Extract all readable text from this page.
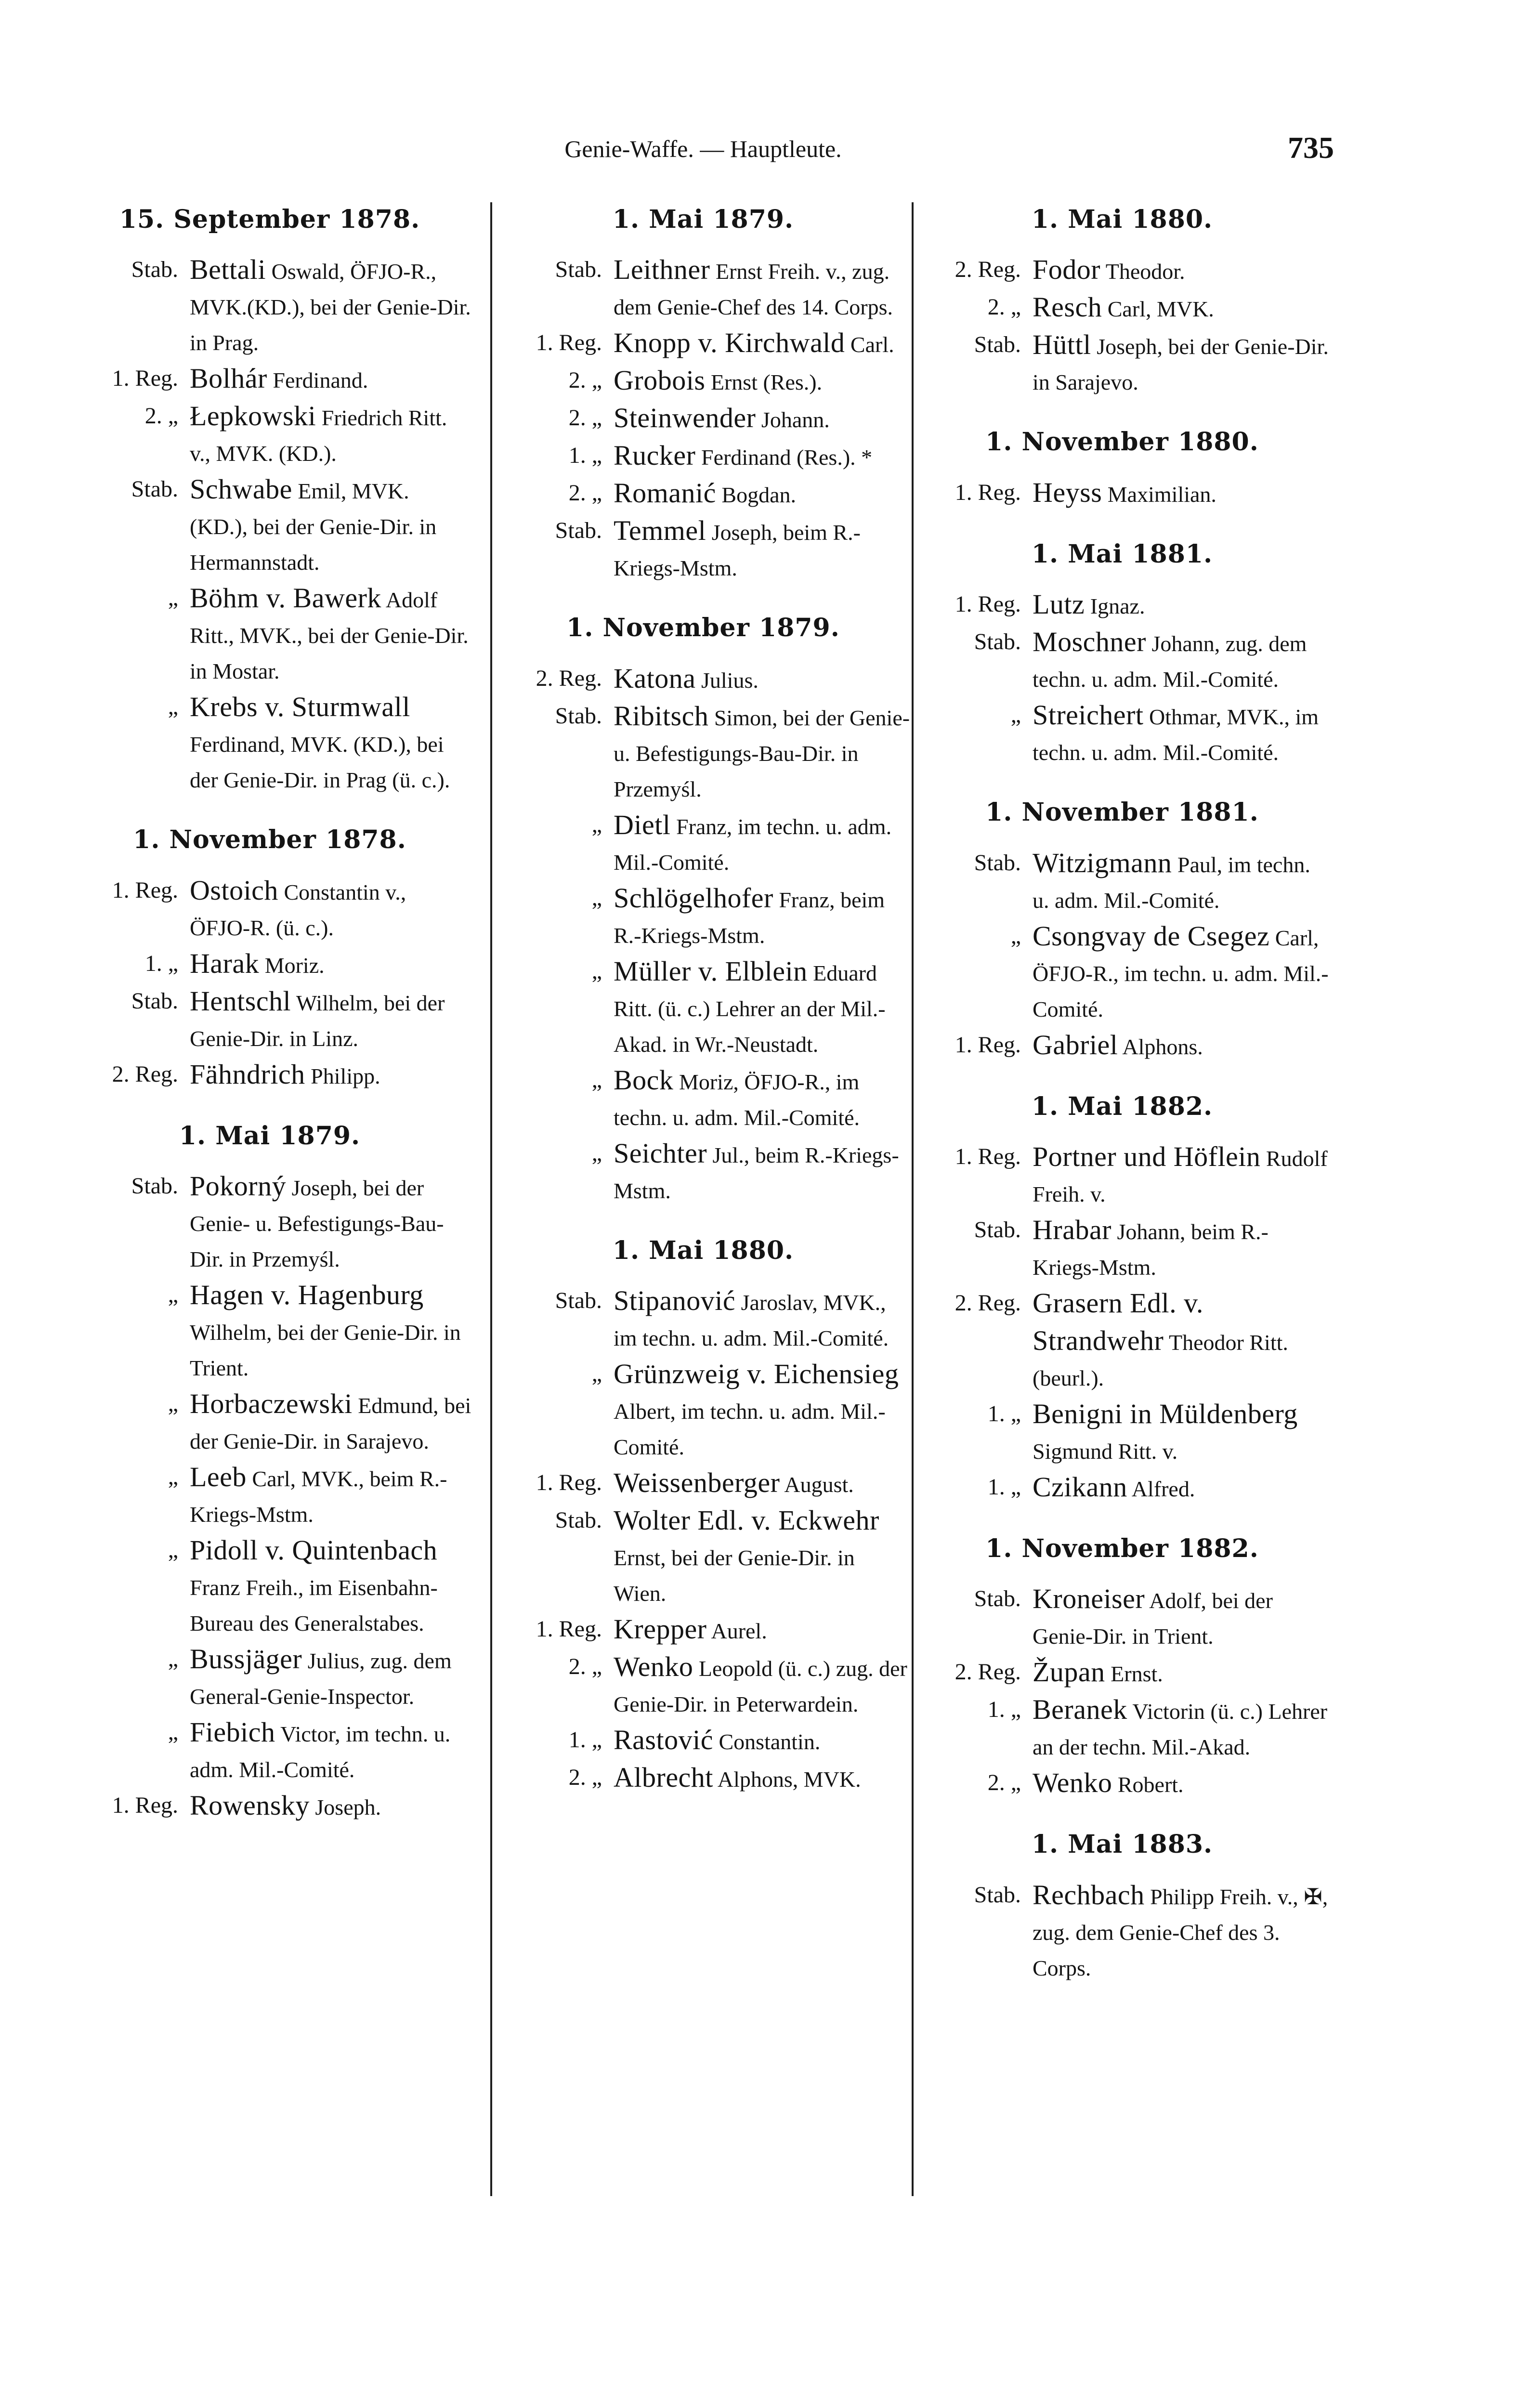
Genie-Waffe. — Hauptleute.	735
15. September 1878.
Stab. Bettali Oswald, ÖFJO-R., MVK.(KD.), bei der Genie-Dir. in Prag.
1. Reg. Bolhár Ferdinand.
2. „ Łepkowski Friedrich Ritt. v., MVK. (KD.).
Stab. Schwabe Emil, MVK. (KD.), bei der Genie-Dir. in Hermannstadt.
„ Böhm v. Bawerk Adolf Ritt., MVK., bei der Genie-Dir. in Mostar.
„ Krebs v. Sturmwall Ferdinand, MVK. (KD.), bei der Genie-Dir. in Prag (ü. c.).
1. November 1878.
1. Reg. Ostoich Constantin v., ÖFJO-R. (ü. c.).
1. „ Harak Moriz.
Stab. Hentschl Wilhelm, bei der Genie-Dir. in Linz.
2. Reg. Fähndrich Philipp.
1. Mai 1879.
Stab. Pokorný Joseph, bei der Genie- u. Befestigungs-Bau-Dir. in Przemyśl.
„ Hagen v. Hagenburg Wilhelm, bei der Genie-Dir. in Trient.
„ Horbaczewski Edmund, bei der Genie-Dir. in Sarajevo.
„ Leeb Carl, MVK., beim R.-Kriegs-Mstm.
„ Pidoll v. Quintenbach Franz Freih., im Eisenbahn-Bureau des Generalstabes.
„ Bussjäger Julius, zug. dem General-Genie-Inspector.
„ Fiebich Victor, im techn. u. adm. Mil.-Comité.
1. Reg. Rowensky Joseph.
1. Mai 1879.
Stab. Leithner Ernst Freih. v., zug. dem Genie-Chef des 14. Corps.
1. Reg. Knopp v. Kirchwald Carl.
2. „ Grobois Ernst (Res.).
2. „ Steinwender Johann.
1. „ Rucker Ferdinand (Res.). *
2. „ Romanić Bogdan.
Stab. Temmel Joseph, beim R.-Kriegs-Mstm.
1. November 1879.
2. Reg. Katona Julius.
Stab. Ribitsch Simon, bei der Genie- u. Befestigungs-Bau-Dir. in Przemyśl.
„ Dietl Franz, im techn. u. adm. Mil.-Comité.
„ Schlögelhofer Franz, beim R.-Kriegs-Mstm.
„ Müller v. Elblein Eduard Ritt. (ü. c.) Lehrer an der Mil.-Akad. in Wr.-Neustadt.
„ Bock Moriz, ÖFJO-R., im techn. u. adm. Mil.-Comité.
„ Seichter Jul., beim R.-Kriegs-Mstm.
1. Mai 1880.
Stab. Stipanović Jaroslav, MVK., im techn. u. adm. Mil.-Comité.
„ Grünzweig v. Eichensieg Albert, im techn. u. adm. Mil.-Comité.
1. Reg. Weissenberger August.
Stab. Wolter Edl. v. Eckwehr Ernst, bei der Genie-Dir. in Wien.
1. Reg. Krepper Aurel.
2. „ Wenko Leopold (ü. c.) zug. der Genie-Dir. in Peterwardein.
1. „ Rastović Constantin.
2. „ Albrecht Alphons, MVK.
1. Mai 1880.
2. Reg. Fodor Theodor.
2. „ Resch Carl, MVK.
Stab. Hüttl Joseph, bei der Genie-Dir. in Sarajevo.
1. November 1880.
1. Reg. Heyss Maximilian.
1. Mai 1881.
1. Reg. Lutz Ignaz.
Stab. Moschner Johann, zug. dem techn. u. adm. Mil.-Comité.
„ Streichert Othmar, MVK., im techn. u. adm. Mil.-Comité.
1. November 1881.
Stab. Witzigmann Paul, im techn. u. adm. Mil.-Comité.
„ Csongvay de Csegez Carl, ÖFJO-R., im techn. u. adm. Mil.-Comité.
1. Reg. Gabriel Alphons.
1. Mai 1882.
1. Reg. Portner und Höflein Rudolf Freih. v.
Stab. Hrabar Johann, beim R.-Kriegs-Mstm.
2. Reg. Grasern Edl. v. Strandwehr Theodor Ritt. (beurl.).
1. „ Benigni in Müldenberg Sigmund Ritt. v.
1. „ Czikann Alfred.
1. November 1882.
Stab. Kroneiser Adolf, bei der Genie-Dir. in Trient.
2. Reg. Župan Ernst.
1. „ Beranek Victorin (ü. c.) Lehrer an der techn. Mil.-Akad.
2. „ Wenko Robert.
1. Mai 1883.
Stab. Rechbach Philipp Freih. v., ✠, zug. dem Genie-Chef des 3. Corps.
